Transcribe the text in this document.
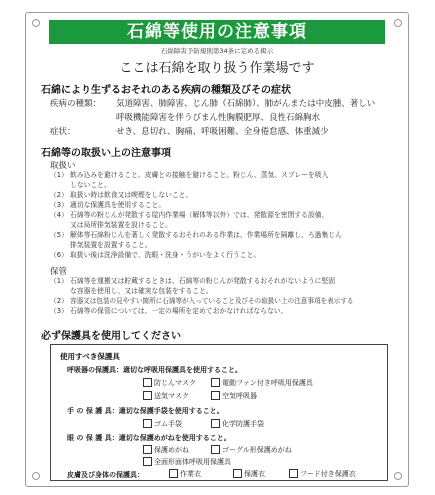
石綿等使用の注意事項
石綿障害予防規則第34条に定める掲示
ここは石綿を取り扱う作業場です
石綿により生ずるおそれのある疾病の種類及びその症状
疾病の種類：	気道障害、肺障害、じん肺（石綿肺）、肺がんまたは中皮腫、著しい
呼吸機能障害を伴うびまん性胸膜肥厚、良性石綿胸水
症状：	せき、息切れ、胸痛、呼吸困難、全身倦怠感、体重減少
石綿等の取扱い上の注意事項
取扱い
（1） 飲み込みを避けること。皮膚との接触を避けること。粉じん、蒸気、スプレーを吸入
しないこと。
（2） 取扱い時は飲食又は喫煙をしないこと。
（3） 適切な保護具を使用すること。
（4） 石綿等の粉じんが発散する屋内作業場（解体等以外）では、発散源を密閉する設備、
又は局所排気装置を設けること。
（5） 解体等石綿粉じんを著しく発散するおそれのある作業は、作業場所を隔離し、ろ過集じん
排気装置を設置すること。
（6） 取扱い後は洗浄設備で、洗眼・洗身・うがいをよく行うこと。
保管
（1） 石綿等を運搬又は貯蔵するときは、石綿等の粉じんが発散するおそれがないように堅固
な容器を使用し、又は確実な包装をすること。
（2） 容器又は包装の見やすい箇所に石綿等が入っていること及びその取扱い上の注意事項を表示する
（3） 石綿等の保管については、一定の場所を定めておかなければならない。
必ず保護具を使用してください
使用すべき保護具
呼吸器の保護具：適切な呼吸用保護具を使用すること。
防じんマスク	電動ファン付き呼吸用保護具
送気マスク	空気呼吸器
手 の 保 護 具：適切な保護手袋を使用すること。
ゴム手袋	化学防護手袋
眼 の 保 護 具：適切な保護めがねを使用すること。
保護めがね	ゴーグル形保護めがね
全面形面体呼吸用保護具
皮膚及び身体の保護具：	作業衣	保護衣	フード付き保護衣
